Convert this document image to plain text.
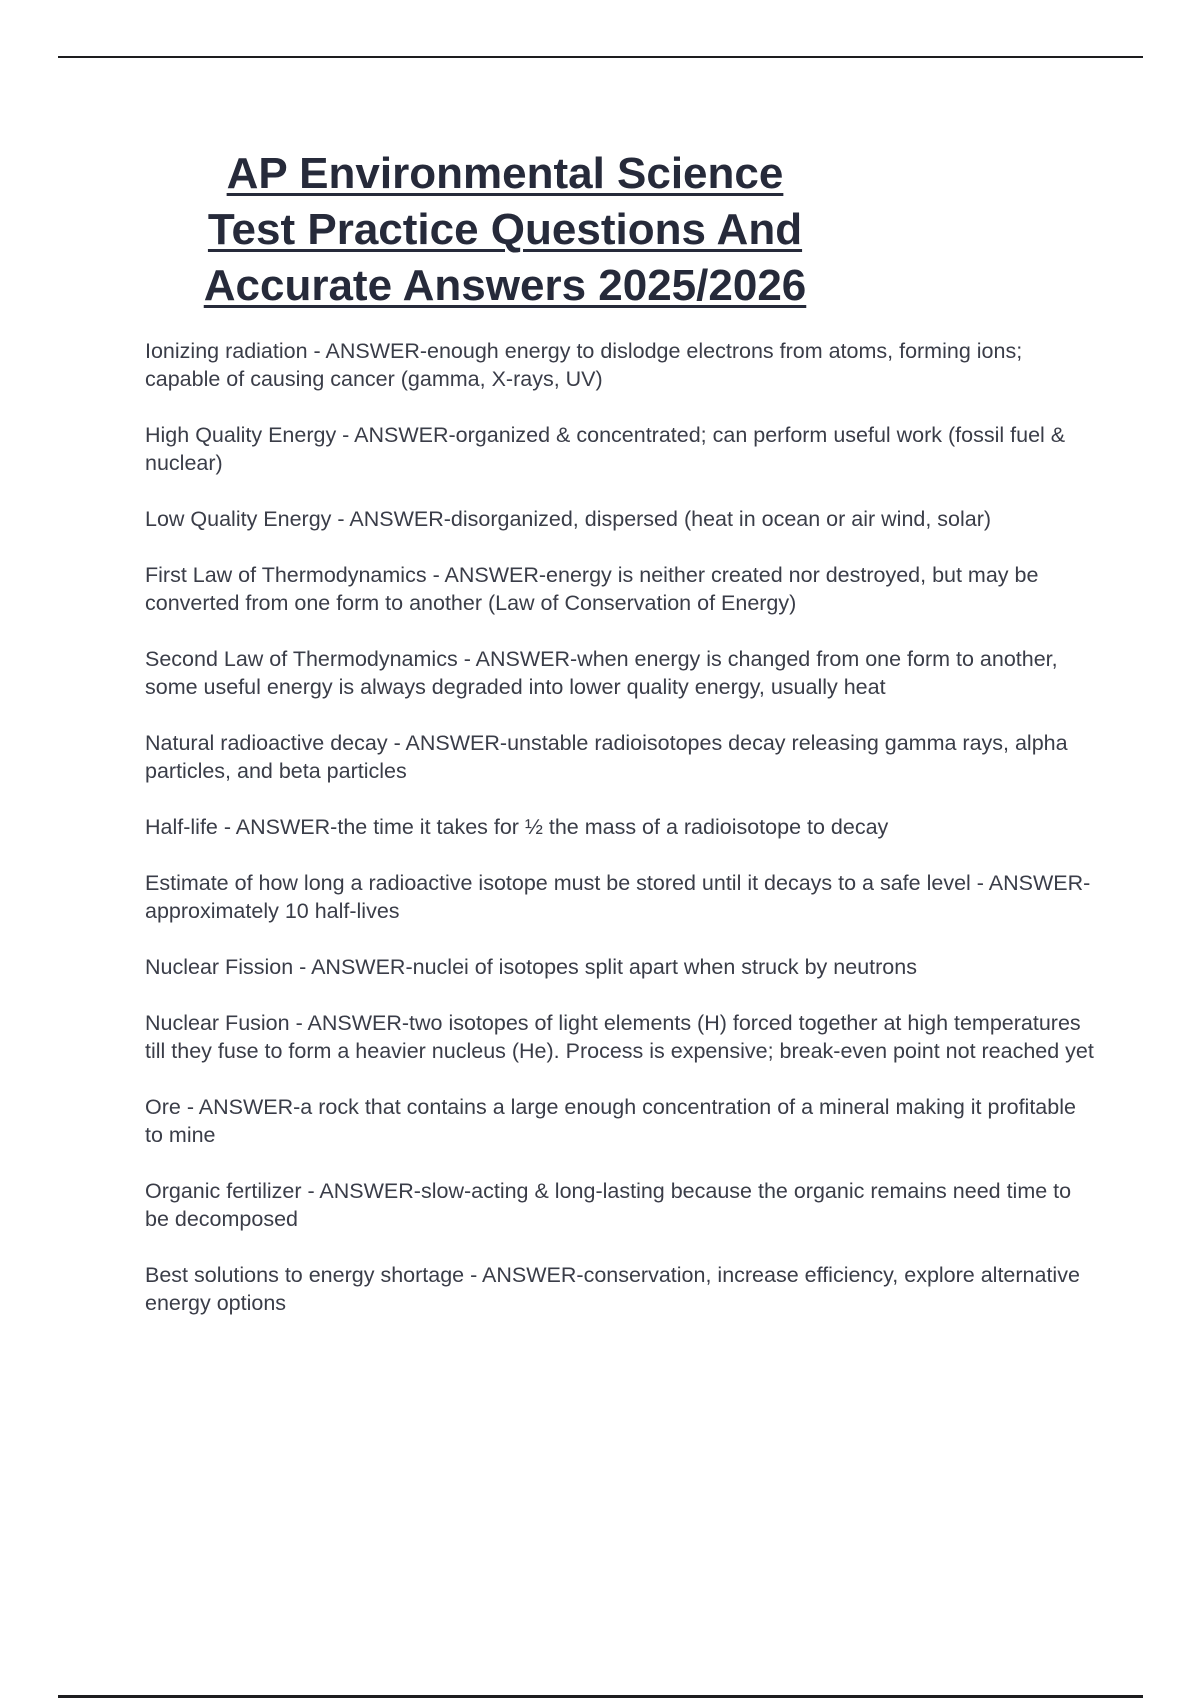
AP Environmental Science
Test Practice Questions And
Accurate Answers 2025/2026

Ionizing radiation - ANSWER-enough energy to dislodge electrons from atoms, forming ions; capable of causing cancer (gamma, X-rays, UV)

High Quality Energy - ANSWER-organized & concentrated; can perform useful work (fossil fuel & nuclear)

Low Quality Energy - ANSWER-disorganized, dispersed (heat in ocean or air wind, solar)

First Law of Thermodynamics - ANSWER-energy is neither created nor destroyed, but may be converted from one form to another (Law of Conservation of Energy)

Second Law of Thermodynamics - ANSWER-when energy is changed from one form to another, some useful energy is always degraded into lower quality energy, usually heat

Natural radioactive decay - ANSWER-unstable radioisotopes decay releasing gamma rays, alpha particles, and beta particles

Half-life - ANSWER-the time it takes for ½ the mass of a radioisotope to decay

Estimate of how long a radioactive isotope must be stored until it decays to a safe level - ANSWER-approximately 10 half-lives

Nuclear Fission - ANSWER-nuclei of isotopes split apart when struck by neutrons

Nuclear Fusion - ANSWER-two isotopes of light elements (H) forced together at high temperatures till they fuse to form a heavier nucleus (He). Process is expensive; break-even point not reached yet

Ore - ANSWER-a rock that contains a large enough concentration of a mineral making it profitable to mine

Organic fertilizer - ANSWER-slow-acting & long-lasting because the organic remains need time to be decomposed

Best solutions to energy shortage - ANSWER-conservation, increase efficiency, explore alternative energy options
